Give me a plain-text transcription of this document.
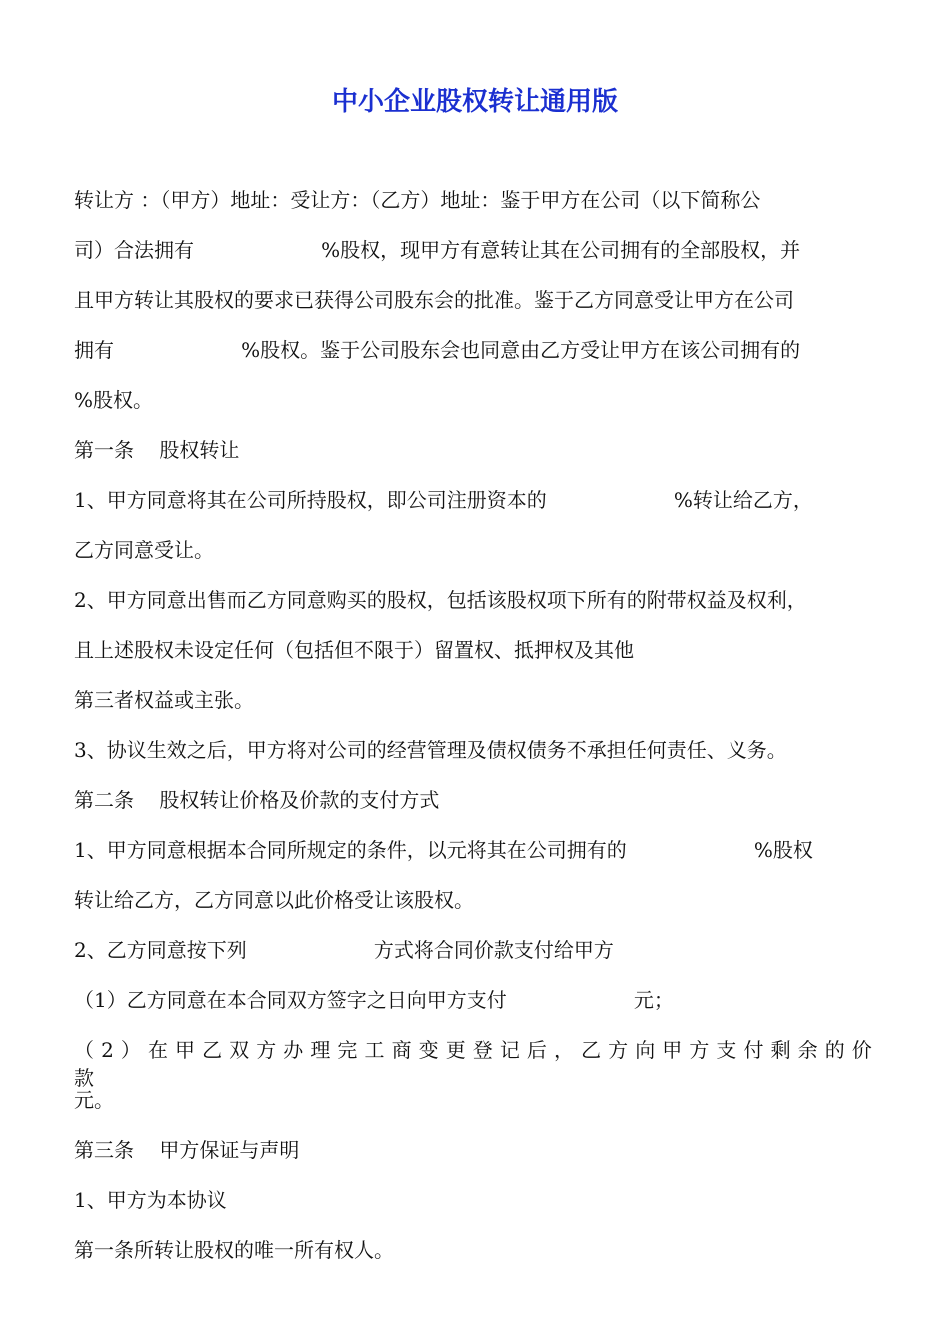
中小企业股权转让通用版
转让方 ：（甲方）地址：受让方：（乙方）地址：鉴于甲方在公司（以下简称公
司）合法拥有                    %股权，现甲方有意转让其在公司拥有的全部股权，并
且甲方转让其股权的要求已获得公司股东会的批准。鉴于乙方同意受让甲方在公司
拥有                    %股权。鉴于公司股东会也同意由乙方受让甲方在该公司拥有的
%股权。
第一条    股权转让
1、甲方同意将其在公司所持股权，即公司注册资本的                    %转让给乙方，
乙方同意受让。
2、甲方同意出售而乙方同意购买的股权，包括该股权项下所有的附带权益及权利，
且上述股权未设定任何（包括但不限于）留置权、抵押权及其他
第三者权益或主张。
3、协议生效之后，甲方将对公司的经营管理及债权债务不承担任何责任、义务。
第二条    股权转让价格及价款的支付方式
1、甲方同意根据本合同所规定的条件，以元将其在公司拥有的                    %股权
转让给乙方，乙方同意以此价格受让该股权。
2、乙方同意按下列                    方式将合同价款支付给甲方
（1）乙方同意在本合同双方签字之日向甲方支付                    元；
（2）在甲乙双方办理完工商变更登记后，乙方向甲方支付剩余的价款
元。
第三条    甲方保证与声明
1、甲方为本协议
第一条所转让股权的唯一所有权人。
